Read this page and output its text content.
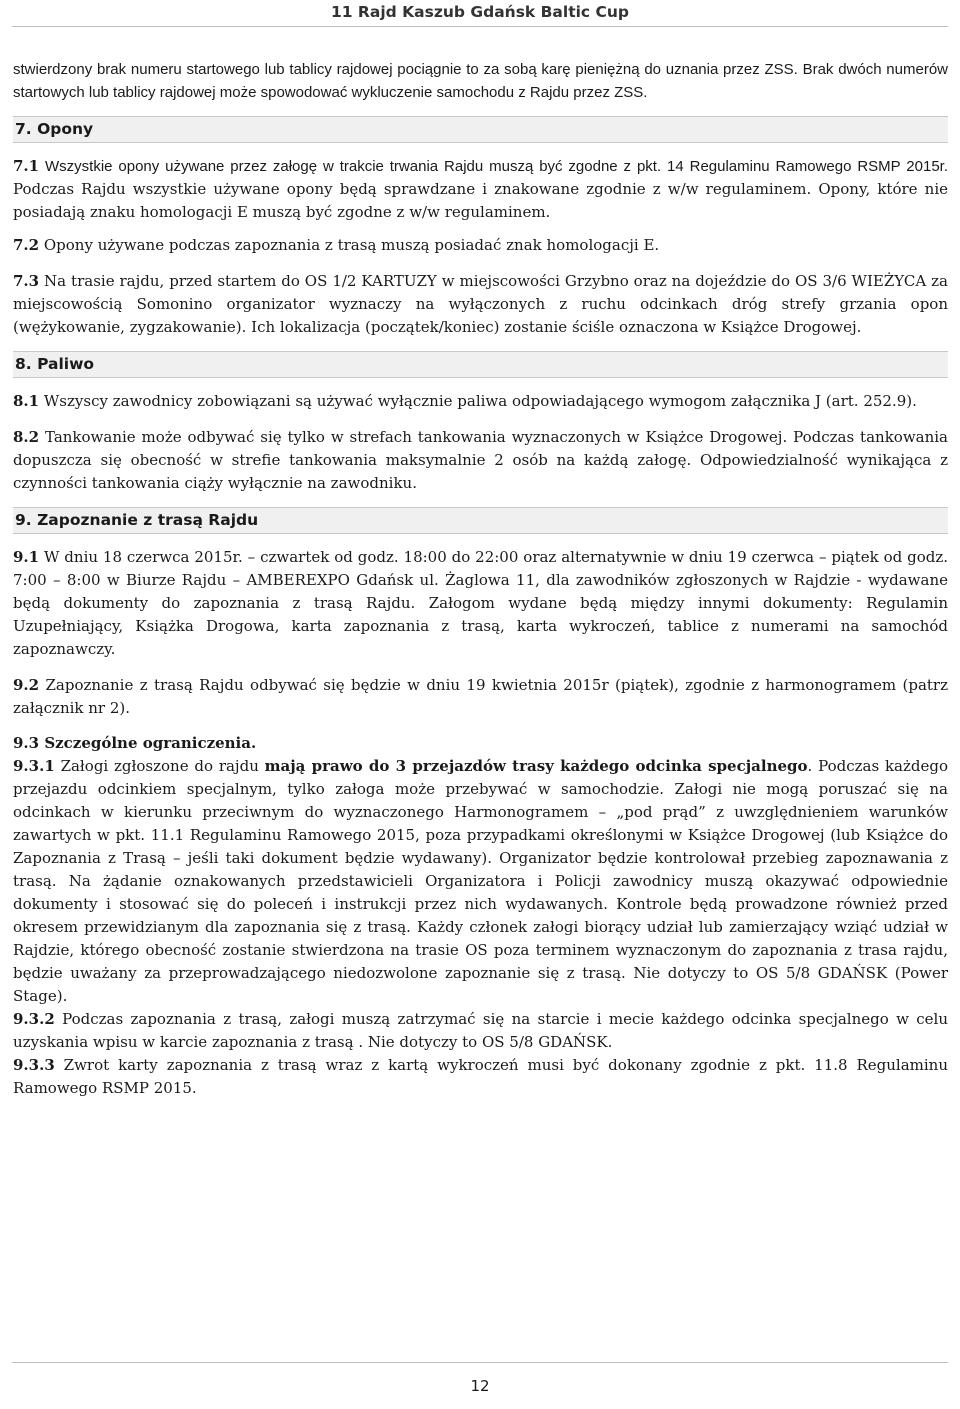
11 Rajd Kaszub Gdańsk Baltic Cup

stwierdzony brak numeru startowego lub tablicy rajdowej pociągnie to za sobą karę pieniężną do uznania przez ZSS. Brak dwóch numerów startowych lub tablicy rajdowej może spowodować wykluczenie samochodu z Rajdu przez ZSS.

7. Opony

7.1 Wszystkie opony używane przez załogę w trakcie trwania Rajdu muszą być zgodne z pkt. 14 Regulaminu Ramowego RSMP 2015r. Podczas Rajdu wszystkie używane opony będą sprawdzane i znakowane zgodnie z w/w regulaminem. Opony, które nie posiadają znaku homologacji E muszą być zgodne z w/w regulaminem.

7.2 Opony używane podczas zapoznania z trasą muszą posiadać znak homologacji E.

7.3 Na trasie rajdu, przed startem do OS 1/2 KARTUZY w miejscowości Grzybno oraz na dojeździe do OS 3/6 WIEŻYCA za miejscowością Somonino organizator wyznaczy na wyłączonych z ruchu odcinkach dróg strefy grzania opon (wężykowanie, zygzakowanie). Ich lokalizacja (początek/koniec) zostanie ściśle oznaczona w Książce Drogowej.

8. Paliwo

8.1 Wszyscy zawodnicy zobowiązani są używać wyłącznie paliwa odpowiadającego wymogom załącznika J (art. 252.9).

8.2 Tankowanie może odbywać się tylko w strefach tankowania wyznaczonych w Książce Drogowej. Podczas tankowania dopuszcza się obecność w strefie tankowania maksymalnie 2 osób na każdą załogę. Odpowiedzialność wynikająca z czynności tankowania ciąży wyłącznie na zawodniku.

9. Zapoznanie z trasą Rajdu

9.1 W dniu 18 czerwca 2015r. – czwartek od godz. 18:00 do 22:00 oraz alternatywnie w dniu 19 czerwca – piątek od godz. 7:00 – 8:00 w Biurze Rajdu – AMBEREXPO Gdańsk ul. Żaglowa 11, dla zawodników zgłoszonych w Rajdzie - wydawane będą dokumenty do zapoznania z trasą Rajdu. Załogom wydane będą między innymi dokumenty: Regulamin Uzupełniający, Książka Drogowa, karta zapoznania z trasą, karta wykroczeń, tablice z numerami na samochód zapoznawczy.

9.2 Zapoznanie z trasą Rajdu odbywać się będzie w dniu 19 kwietnia 2015r (piątek), zgodnie z harmonogramem (patrz załącznik nr 2).

9.3 Szczególne ograniczenia.

9.3.1 Załogi zgłoszone do rajdu mają prawo do 3 przejazdów trasy każdego odcinka specjalnego. Podczas każdego przejazdu odcinkiem specjalnym, tylko załoga może przebywać w samochodzie. Załogi nie mogą poruszać się na odcinkach w kierunku przeciwnym do wyznaczonego Harmonogramem – „pod prąd” z uwzględnieniem warunków zawartych w pkt. 11.1 Regulaminu Ramowego 2015, poza przypadkami określonymi w Książce Drogowej (lub Książce do Zapoznania z Trasą – jeśli taki dokument będzie wydawany). Organizator będzie kontrolował przebieg zapoznawania z trasą. Na żądanie oznakowanych przedstawicieli Organizatora i Policji zawodnicy muszą okazywać odpowiednie dokumenty i stosować się do poleceń i instrukcji przez nich wydawanych. Kontrole będą prowadzone również przed okresem przewidzianym dla zapoznania się z trasą. Każdy członek załogi biorący udział lub zamierzający wziąć udział w Rajdzie, którego obecność zostanie stwierdzona na trasie OS poza terminem wyznaczonym do zapoznania z trasa rajdu, będzie uważany za przeprowadzającego niedozwolone zapoznanie się z trasą. Nie dotyczy to OS 5/8 GDAŃSK (Power Stage).

9.3.2 Podczas zapoznania z trasą, załogi muszą zatrzymać się na starcie i mecie każdego odcinka specjalnego w celu uzyskania wpisu w karcie zapoznania z trasą . Nie dotyczy to OS 5/8 GDAŃSK.

9.3.3 Zwrot karty zapoznania z trasą wraz z kartą wykroczeń musi być dokonany zgodnie z pkt. 11.8 Regulaminu Ramowego RSMP 2015.

12
